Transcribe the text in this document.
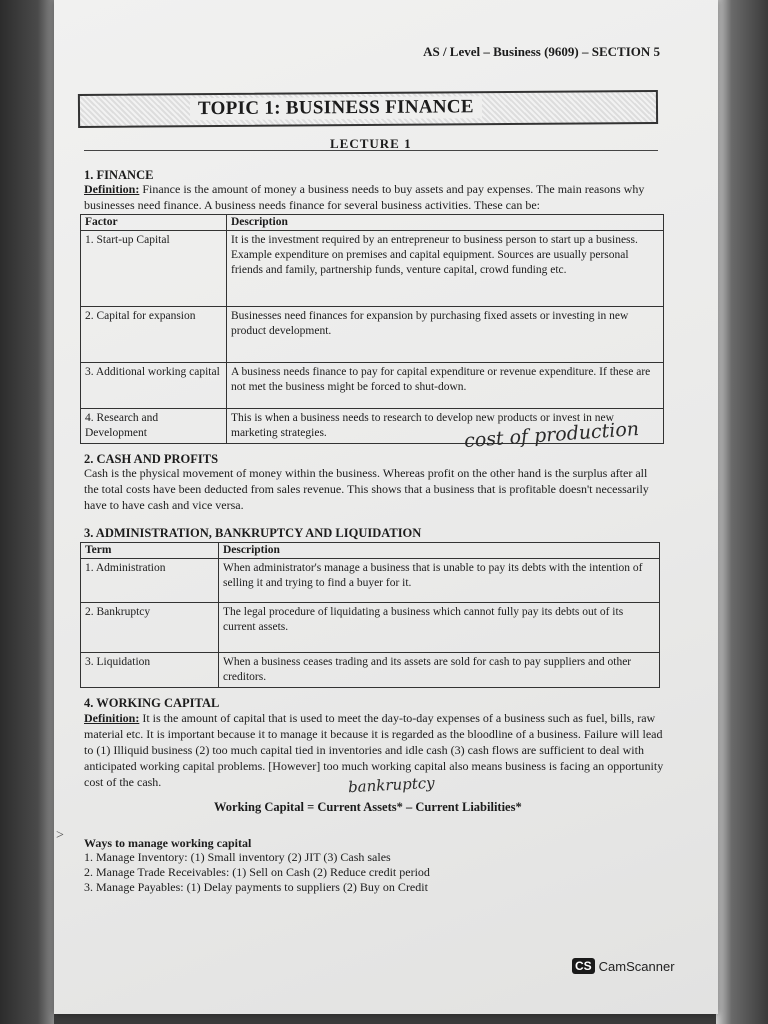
AS / Level – Business (9609) – SECTION 5
TOPIC 1: BUSINESS FINANCE
LECTURE 1
1. FINANCE
Definition: Finance is the amount of money a business needs to buy assets and pay expenses. The main reasons why businesses need finance. A business needs finance for several business activities. These can be:
Factor	Description
1. Start-up Capital	It is the investment required by an entrepreneur to business person to start up a business. Example expenditure on premises and capital equipment. Sources are usually personal friends and family, partnership funds, venture capital, crowd funding etc.
2. Capital for expansion	Businesses need finances for expansion by purchasing fixed assets or investing in new product development.
3. Additional working capital	A business needs finance to pay for capital expenditure or revenue expenditure. If these are not met the business might be forced to shut-down.
4. Research and Development	This is when a business needs to research to develop new products or invest in new marketing strategies.	cost of production
2. CASH AND PROFITS
Cash is the physical movement of money within the business. Whereas profit on the other hand is the surplus after all the total costs have been deducted from sales revenue. This shows that a business that is profitable doesn't necessarily have to have cash and vice versa.
3. ADMINISTRATION, BANKRUPTCY AND LIQUIDATION
Term	Description
1. Administration	When administrator's manage a business that is unable to pay its debts with the intention of selling it and trying to find a buyer for it.
2. Bankruptcy	The legal procedure of liquidating a business which cannot fully pay its debts out of its current assets.
3. Liquidation	When a business ceases trading and its assets are sold for cash to pay suppliers and other creditors.
4. WORKING CAPITAL
Definition: It is the amount of capital that is used to meet the day-to-day expenses of a business such as fuel, bills, raw material etc. It is important because it to manage it because it is regarded as the bloodline of a business. Failure will lead to (1) Illiquid business (2) too much capital tied in inventories and idle cash (3) cash flows are sufficient to deal with anticipated working capital problems. [However] too much working capital also means business is facing an opportunity cost of the cash.	bankruptcy
Working Capital = Current Assets* – Current Liabilities*
> Ways to manage working capital
1. Manage Inventory: (1) Small inventory (2) JIT (3) Cash sales
2. Manage Trade Receivables: (1) Sell on Cash (2) Reduce credit period
3. Manage Payables: (1) Delay payments to suppliers (2) Buy on Credit
CS CamScanner
